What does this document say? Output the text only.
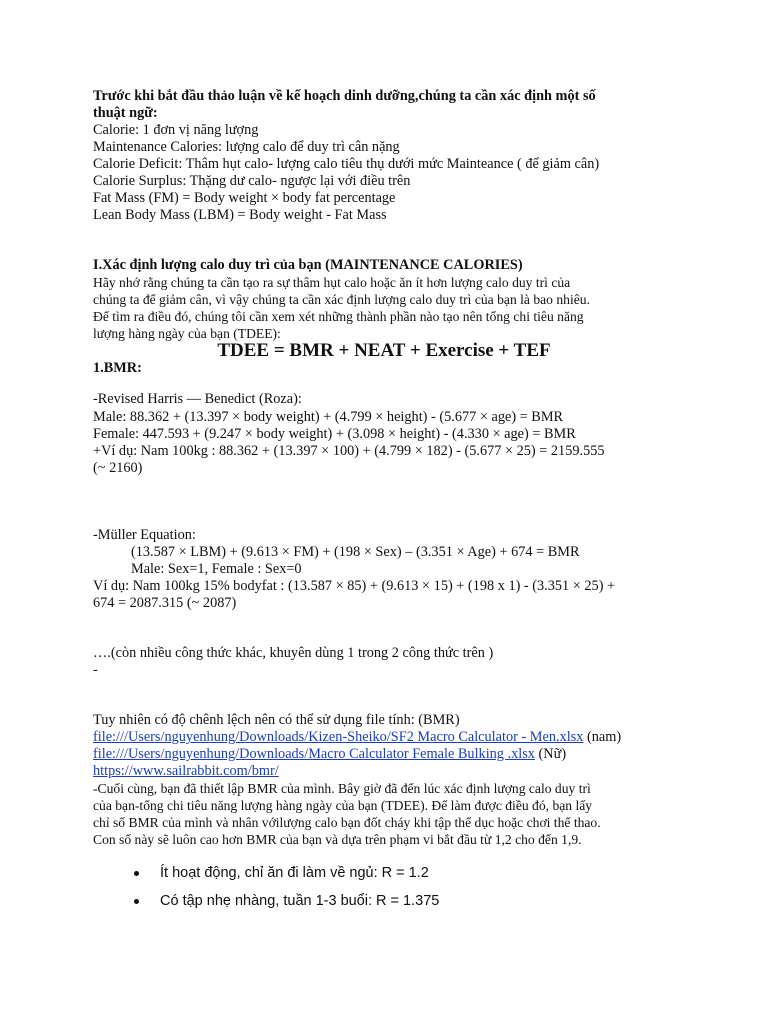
Trước khi bắt đầu thảo luận về kế hoạch dinh dưỡng,chúng ta cần xác định một số
thuật ngữ:
Calorie: 1 đơn vị năng lượng
Maintenance Calories: lượng calo để duy trì cân nặng
Calorie Deficit: Thâm hụt calo- lượng calo tiêu thụ dưới mức Mainteance ( để giảm cân)
Calorie Surplus: Thặng dư calo- ngược lại với điều trên
Fat Mass (FM) = Body weight × body fat percentage
Lean Body Mass (LBM) = Body weight - Fat Mass
I.Xác định lượng calo duy trì của bạn (MAINTENANCE CALORIES)
Hãy nhớ rằng chúng ta cần tạo ra sự thâm hụt calo hoặc ăn ít hơn lượng calo duy trì của
chúng ta để giảm cân, vì vậy chúng ta cần xác định lượng calo duy trì của bạn là bao nhiêu.
Để tìm ra điều đó, chúng tôi cần xem xét những thành phần nào tạo nên tổng chi tiêu năng
lượng hàng ngày của bạn (TDEE):
TDEE = BMR + NEAT + Exercise + TEF
1.BMR:
-Revised Harris — Benedict (Roza):
Male: 88.362 + (13.397 × body weight) + (4.799 × height) - (5.677 × age) = BMR
Female: 447.593 + (9.247 × body weight) + (3.098 × height) - (4.330 × age) = BMR
+Ví dụ: Nam 100kg : 88.362 + (13.397 × 100) + (4.799 × 182) - (5.677 × 25) = 2159.555
(~ 2160)
-Müller Equation:
(13.587 × LBM) + (9.613 × FM) + (198 × Sex) – (3.351 × Age) + 674 = BMR
Male: Sex=1, Female : Sex=0
Ví dụ: Nam 100kg 15% bodyfat : (13.587 × 85) + (9.613 × 15) + (198 x 1) - (3.351 × 25) +
674 = 2087.315 (~ 2087)
….(còn nhiều công thức khác, khuyên dùng 1 trong 2 công thức trên )
-
Tuy nhiên có độ chênh lệch nên có thể sử dụng file tính: (BMR)
file:///Users/nguyenhung/Downloads/Kizen-Sheiko/SF2 Macro Calculator - Men.xlsx (nam)
file:///Users/nguyenhung/Downloads/Macro Calculator Female Bulking .xlsx (Nữ)
https://www.sailrabbit.com/bmr/
-Cuối cùng, bạn đã thiết lập BMR của mình. Bây giờ đã đến lúc xác định lượng calo duy trì
của bạn-tổng chi tiêu năng lượng hàng ngày của bạn (TDEE). Để làm được điều đó, bạn lấy
chỉ số BMR của mình và nhân vớilượng calo bạn đốt cháy khi tập thể dục hoặc chơi thể thao.
Con số này sẽ luôn cao hơn BMR của bạn và dựa trên phạm vi bắt đầu từ 1,2 cho đến 1,9.
Ít hoạt động, chỉ ăn đi làm về ngủ: R = 1.2
Có tập nhẹ nhàng, tuần 1-3 buổi: R = 1.375
